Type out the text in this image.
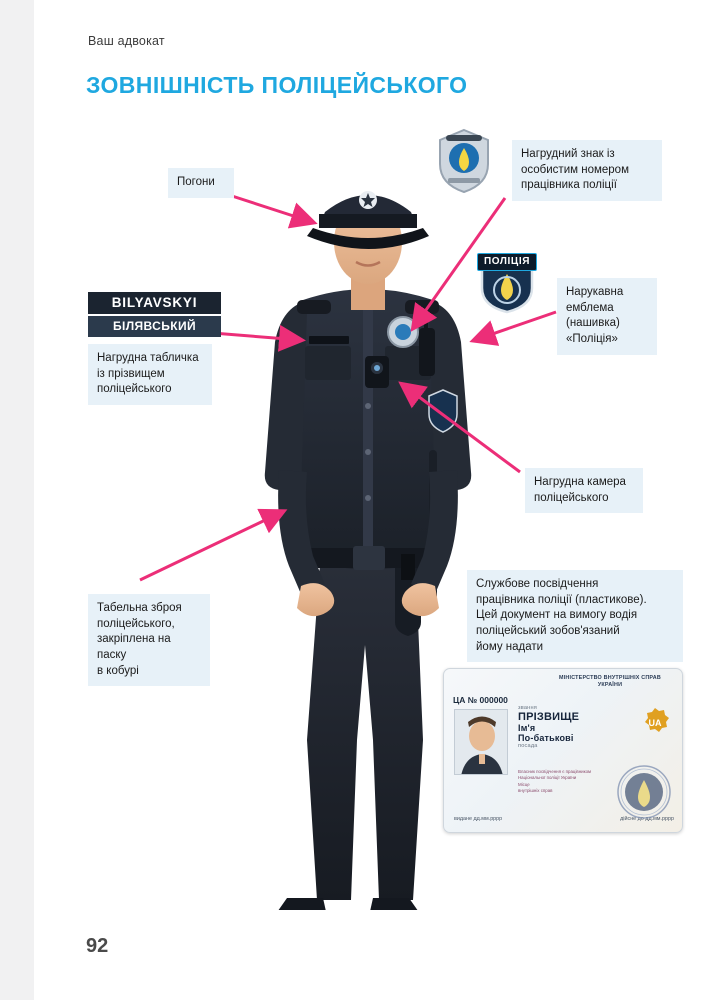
Ваш адвокат
ЗОВНІШНІСТЬ ПОЛІЦЕЙСЬКОГО
92
Погони
Нагрудний знак із
особистим номером
працівника поліції
Нарукавна
емблема
(нашивка)
«Поліція»
Нагрудна табличка
із прізвищем
поліцейського
Нагрудна камера
поліцейського
Табельна зброя
поліцейського,
закріплена на паску
в кобурі
Службове посвідчення
працівника поліції (пластикове).
Цей документ на вимогу водія
поліцейський зобов'язаний
йому надати
BILYAVSKYI
БІЛЯВСЬКИЙ
ПОЛІЦІЯ
МІНІСТЕРСТВО ВНУТРІШНІХ СПРАВ
УКРАЇНИ
ЦА № 000000
звання
ПРІЗВИЩЕ
Ім'я
По-батькові
посада
UA
Власник посвідчення є працівником
Національної поліції України
Місце
внутрішніх справ
видане дд.мм.рррр	дійсне до дд.мм.рррр
